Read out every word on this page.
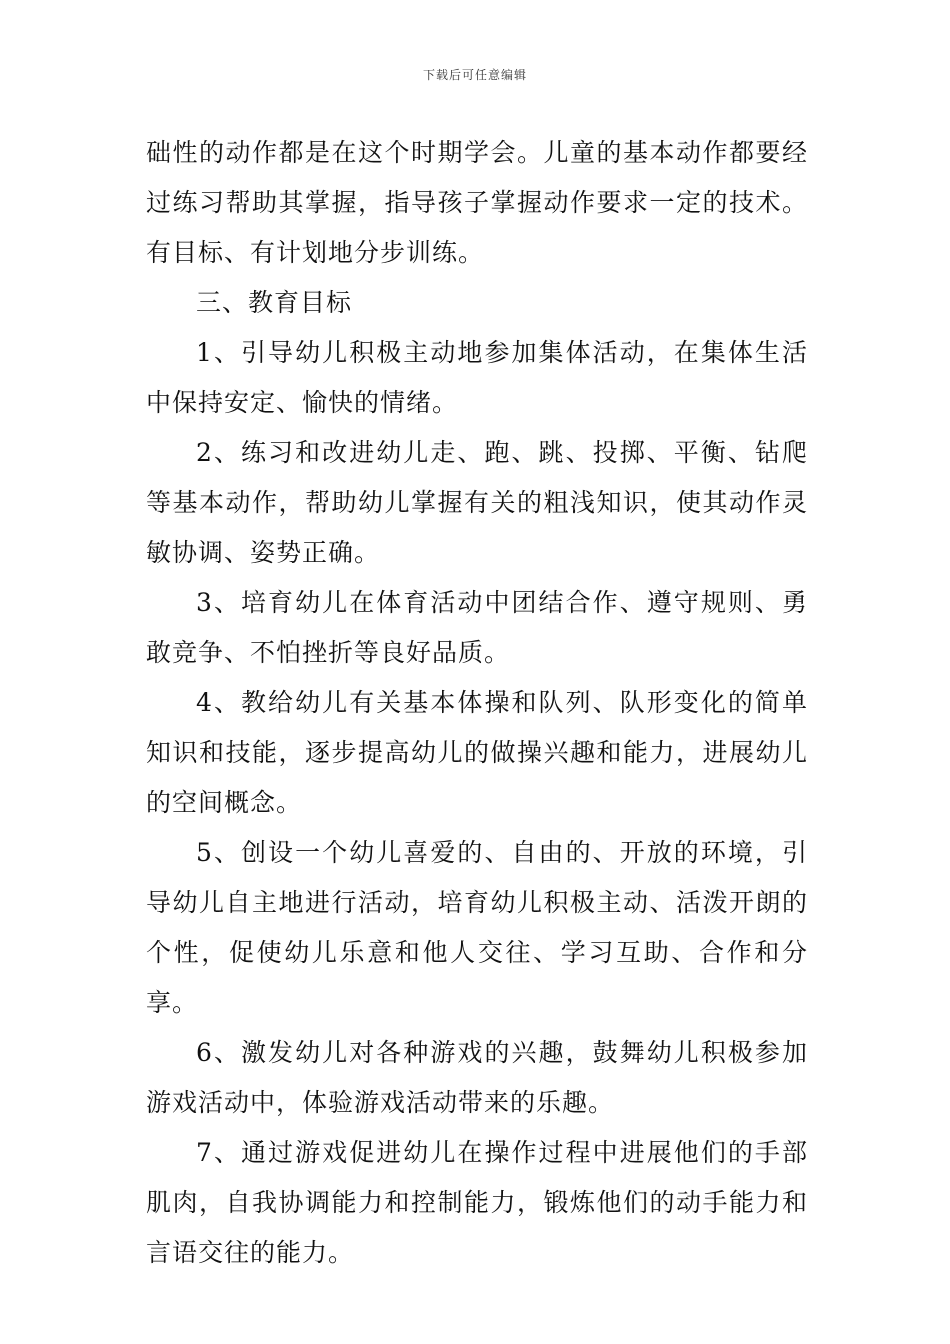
下载后可任意编辑

础性的动作都是在这个时期学会。儿童的基本动作都要经过练习帮助其掌握，指导孩子掌握动作要求一定的技术。有目标、有计划地分步训练。

三、教育目标

1、引导幼儿积极主动地参加集体活动，在集体生活中保持安定、愉快的情绪。

2、练习和改进幼儿走、跑、跳、投掷、平衡、钻爬等基本动作，帮助幼儿掌握有关的粗浅知识，使其动作灵敏协调、姿势正确。

3、培育幼儿在体育活动中团结合作、遵守规则、勇敢竞争、不怕挫折等良好品质。

4、教给幼儿有关基本体操和队列、队形变化的简单知识和技能，逐步提高幼儿的做操兴趣和能力，进展幼儿的空间概念。

5、创设一个幼儿喜爱的、自由的、开放的环境，引导幼儿自主地进行活动，培育幼儿积极主动、活泼开朗的个性，促使幼儿乐意和他人交往、学习互助、合作和分享。

6、激发幼儿对各种游戏的兴趣，鼓舞幼儿积极参加游戏活动中，体验游戏活动带来的乐趣。

7、通过游戏促进幼儿在操作过程中进展他们的手部肌肉，自我协调能力和控制能力，锻炼他们的动手能力和言语交往的能力。
